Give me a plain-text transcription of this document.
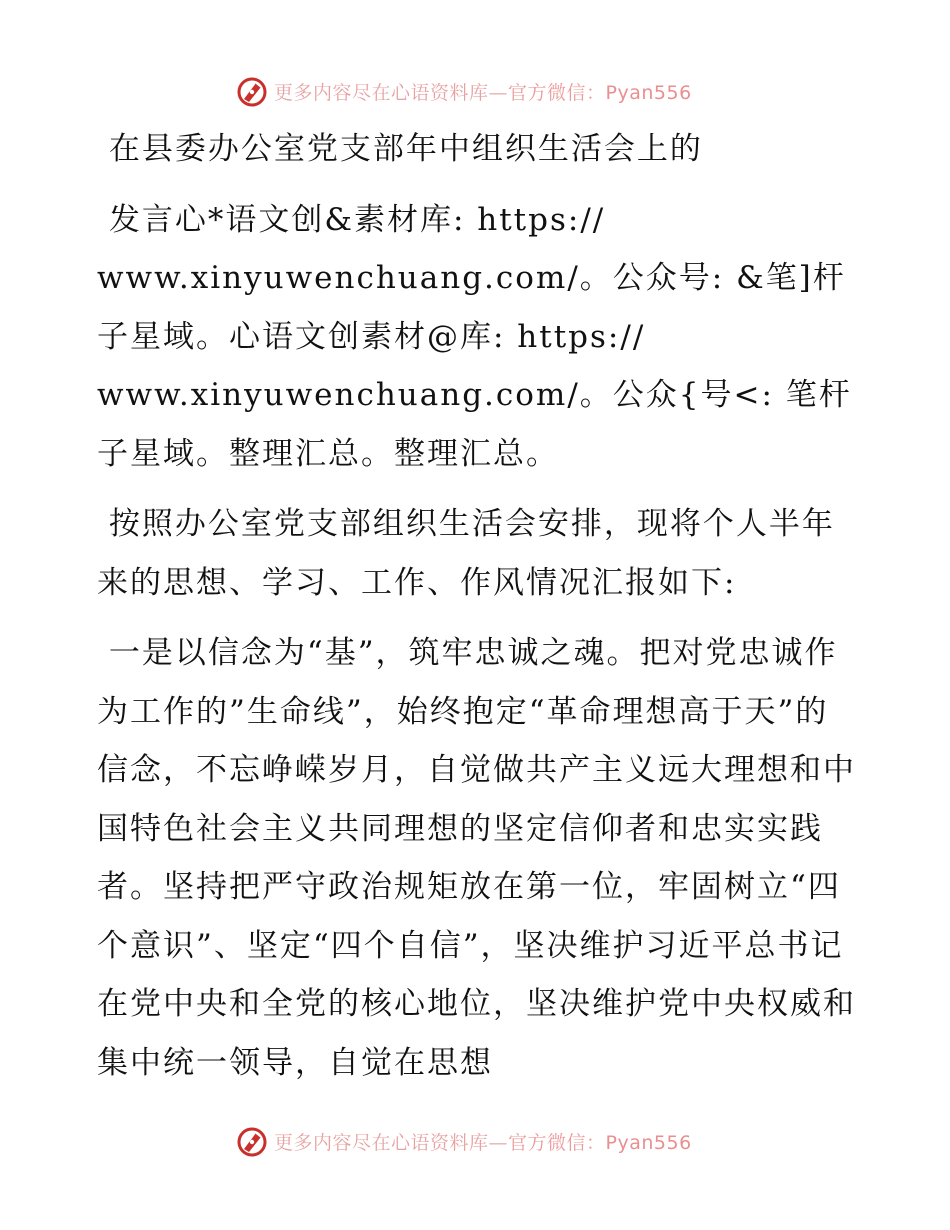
更多内容尽在心语资料库—官方微信：Pyan556

在县委办公室党支部年中组织生活会上的

发言心*语文创&素材库: https://
www.xinyuwenchuang.com/。公众号: &笔]杆子星域。心语文创素材@库: https://
www.xinyuwenchuang.com/。公众{号<: 笔杆子星域。整理汇总。整理汇总。

按照办公室党支部组织生活会安排，现将个人半年来的思想、学习、工作、作风情况汇报如下:

一是以信念为“基”，筑牢忠诚之魂。把对党忠诚作为工作的”生命线”，始终抱定“革命理想高于天”的信念，不忘峥嵘岁月，自觉做共产主义远大理想和中国特色社会主义共同理想的坚定信仰者和忠实实践者。坚持把严守政治规矩放在第一位，牢固树立“四个意识”、坚定“四个自信”，坚决维护习近平总书记在党中央和全党的核心地位，坚决维护党中央权威和集中统一领导，自觉在思想

更多内容尽在心语资料库—官方微信：Pyan556
